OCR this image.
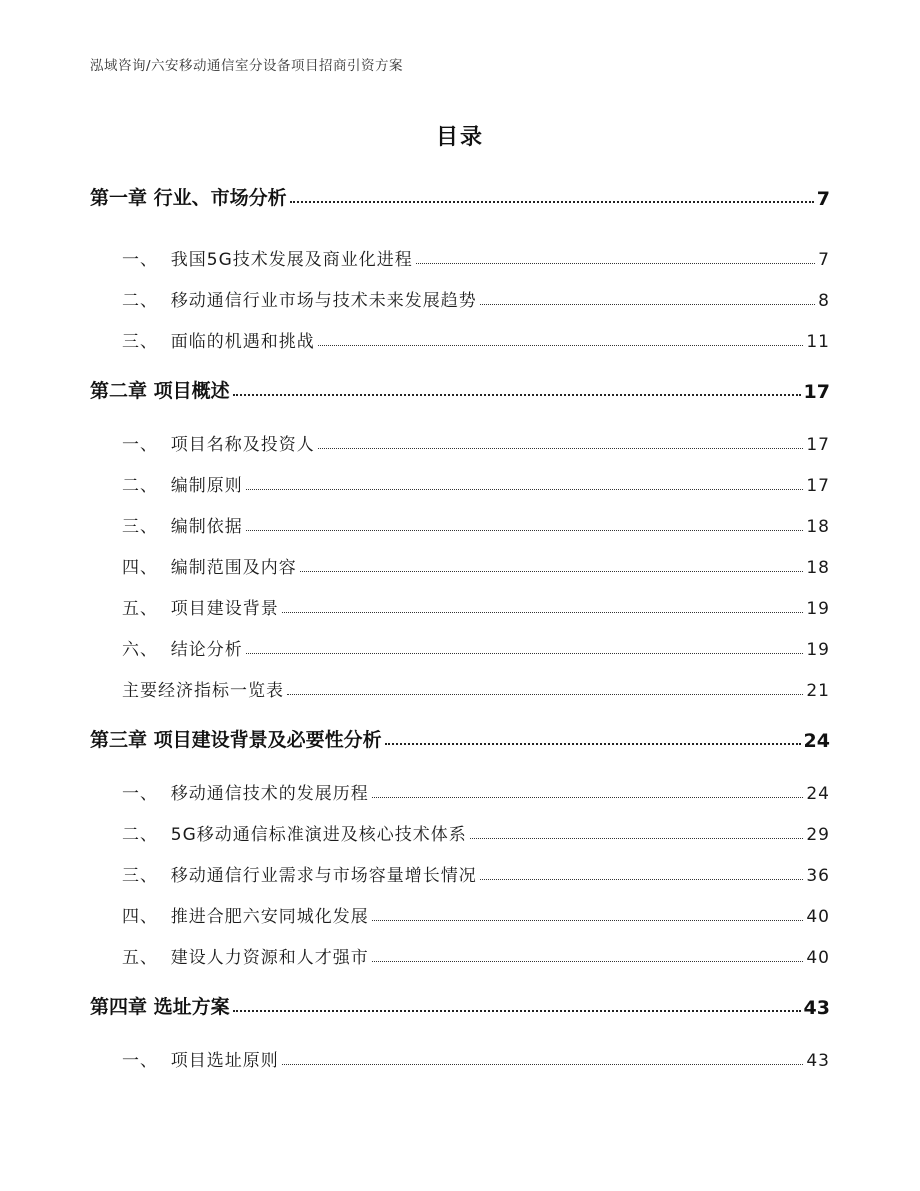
泓域咨询/六安移动通信室分设备项目招商引资方案
目录
第一章 行业、市场分析	7
一、  我国5G技术发展及商业化进程	7
二、  移动通信行业市场与技术未来发展趋势	8
三、  面临的机遇和挑战	11
第二章 项目概述	17
一、  项目名称及投资人	17
二、  编制原则	17
三、  编制依据	18
四、  编制范围及内容	18
五、  项目建设背景	19
六、  结论分析	19
主要经济指标一览表	21
第三章 项目建设背景及必要性分析	24
一、  移动通信技术的发展历程	24
二、  5G移动通信标准演进及核心技术体系	29
三、  移动通信行业需求与市场容量增长情况	36
四、  推进合肥六安同城化发展	40
五、  建设人力资源和人才强市	40
第四章 选址方案	43
一、  项目选址原则	43
